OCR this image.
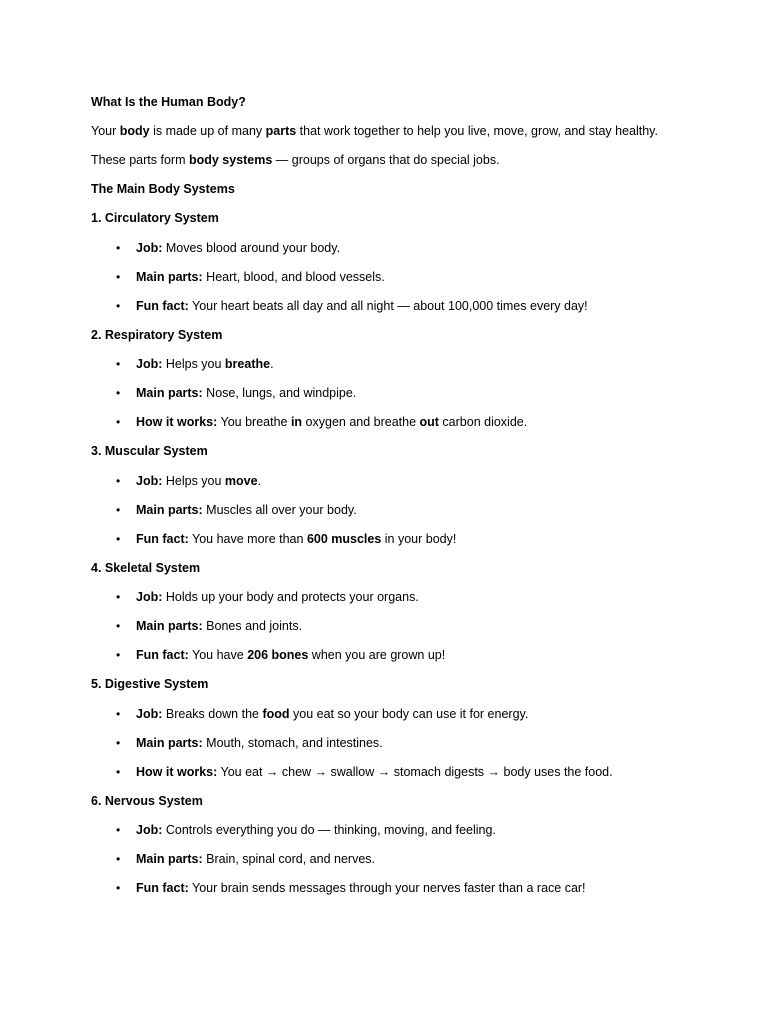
What Is the Human Body?
Your body is made up of many parts that work together to help you live, move, grow, and stay healthy.
These parts form body systems — groups of organs that do special jobs.
The Main Body Systems
1. Circulatory System
• Job: Moves blood around your body.
• Main parts: Heart, blood, and blood vessels.
• Fun fact: Your heart beats all day and all night — about 100,000 times every day!
2. Respiratory System
• Job: Helps you breathe.
• Main parts: Nose, lungs, and windpipe.
• How it works: You breathe in oxygen and breathe out carbon dioxide.
3. Muscular System
• Job: Helps you move.
• Main parts: Muscles all over your body.
• Fun fact: You have more than 600 muscles in your body!
4. Skeletal System
• Job: Holds up your body and protects your organs.
• Main parts: Bones and joints.
• Fun fact: You have 206 bones when you are grown up!
5. Digestive System
• Job: Breaks down the food you eat so your body can use it for energy.
• Main parts: Mouth, stomach, and intestines.
• How it works: You eat → chew → swallow → stomach digests → body uses the food.
6. Nervous System
• Job: Controls everything you do — thinking, moving, and feeling.
• Main parts: Brain, spinal cord, and nerves.
• Fun fact: Your brain sends messages through your nerves faster than a race car!
